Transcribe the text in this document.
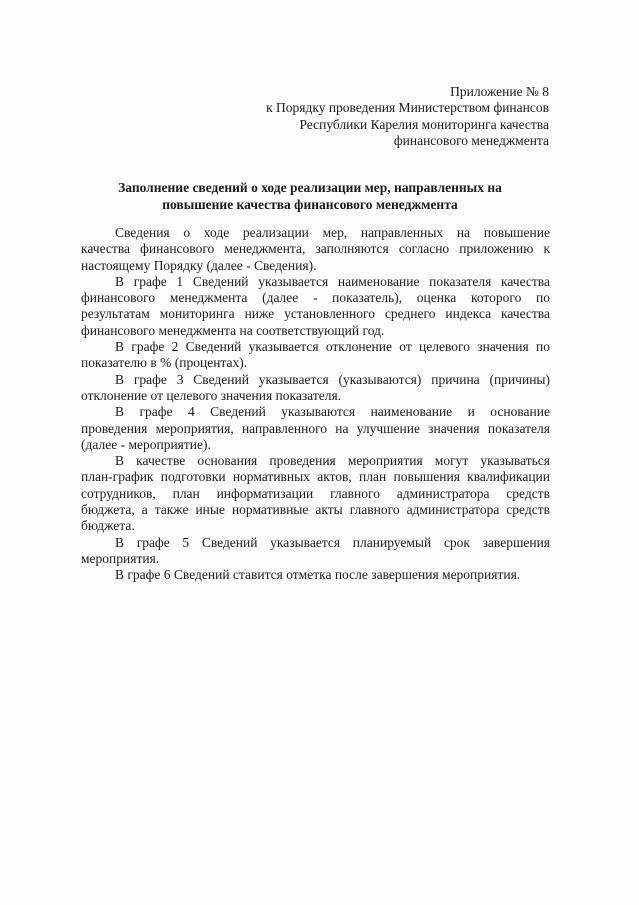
Приложение № 8
к Порядку проведения Министерством финансов
Республики Карелия мониторинга качества
финансового менеджмента
Заполнение сведений о ходе реализации мер, направленных на
повышение качества финансового менеджмента
Сведения о ходе реализации мер, направленных на повышение
качества финансового менеджмента, заполняются согласно приложению к
настоящему Порядку (далее - Сведения).
В графе 1 Сведений указывается наименование показателя качества
финансового менеджмента (далее - показатель), оценка которого по
результатам мониторинга ниже установленного среднего индекса качества
финансового менеджмента на соответствующий год.
В графе 2 Сведений указывается отклонение от целевого значения по
показателю в % (процентах).
В графе 3 Сведений указывается (указываются) причина (причины)
отклонение от целевого значения показателя.
В графе 4 Сведений указываются наименование и основание
проведения мероприятия, направленного на улучшение значения показателя
(далее - мероприятие).
В качестве основания проведения мероприятия могут указываться
план-график подготовки нормативных актов, план повышения квалификации
сотрудников, план информатизации главного администратора средств
бюджета, а также иные нормативные акты главного администратора средств
бюджета.
В графе 5 Сведений указывается планируемый срок завершения
мероприятия.
В графе 6 Сведений ставится отметка после завершения мероприятия.
